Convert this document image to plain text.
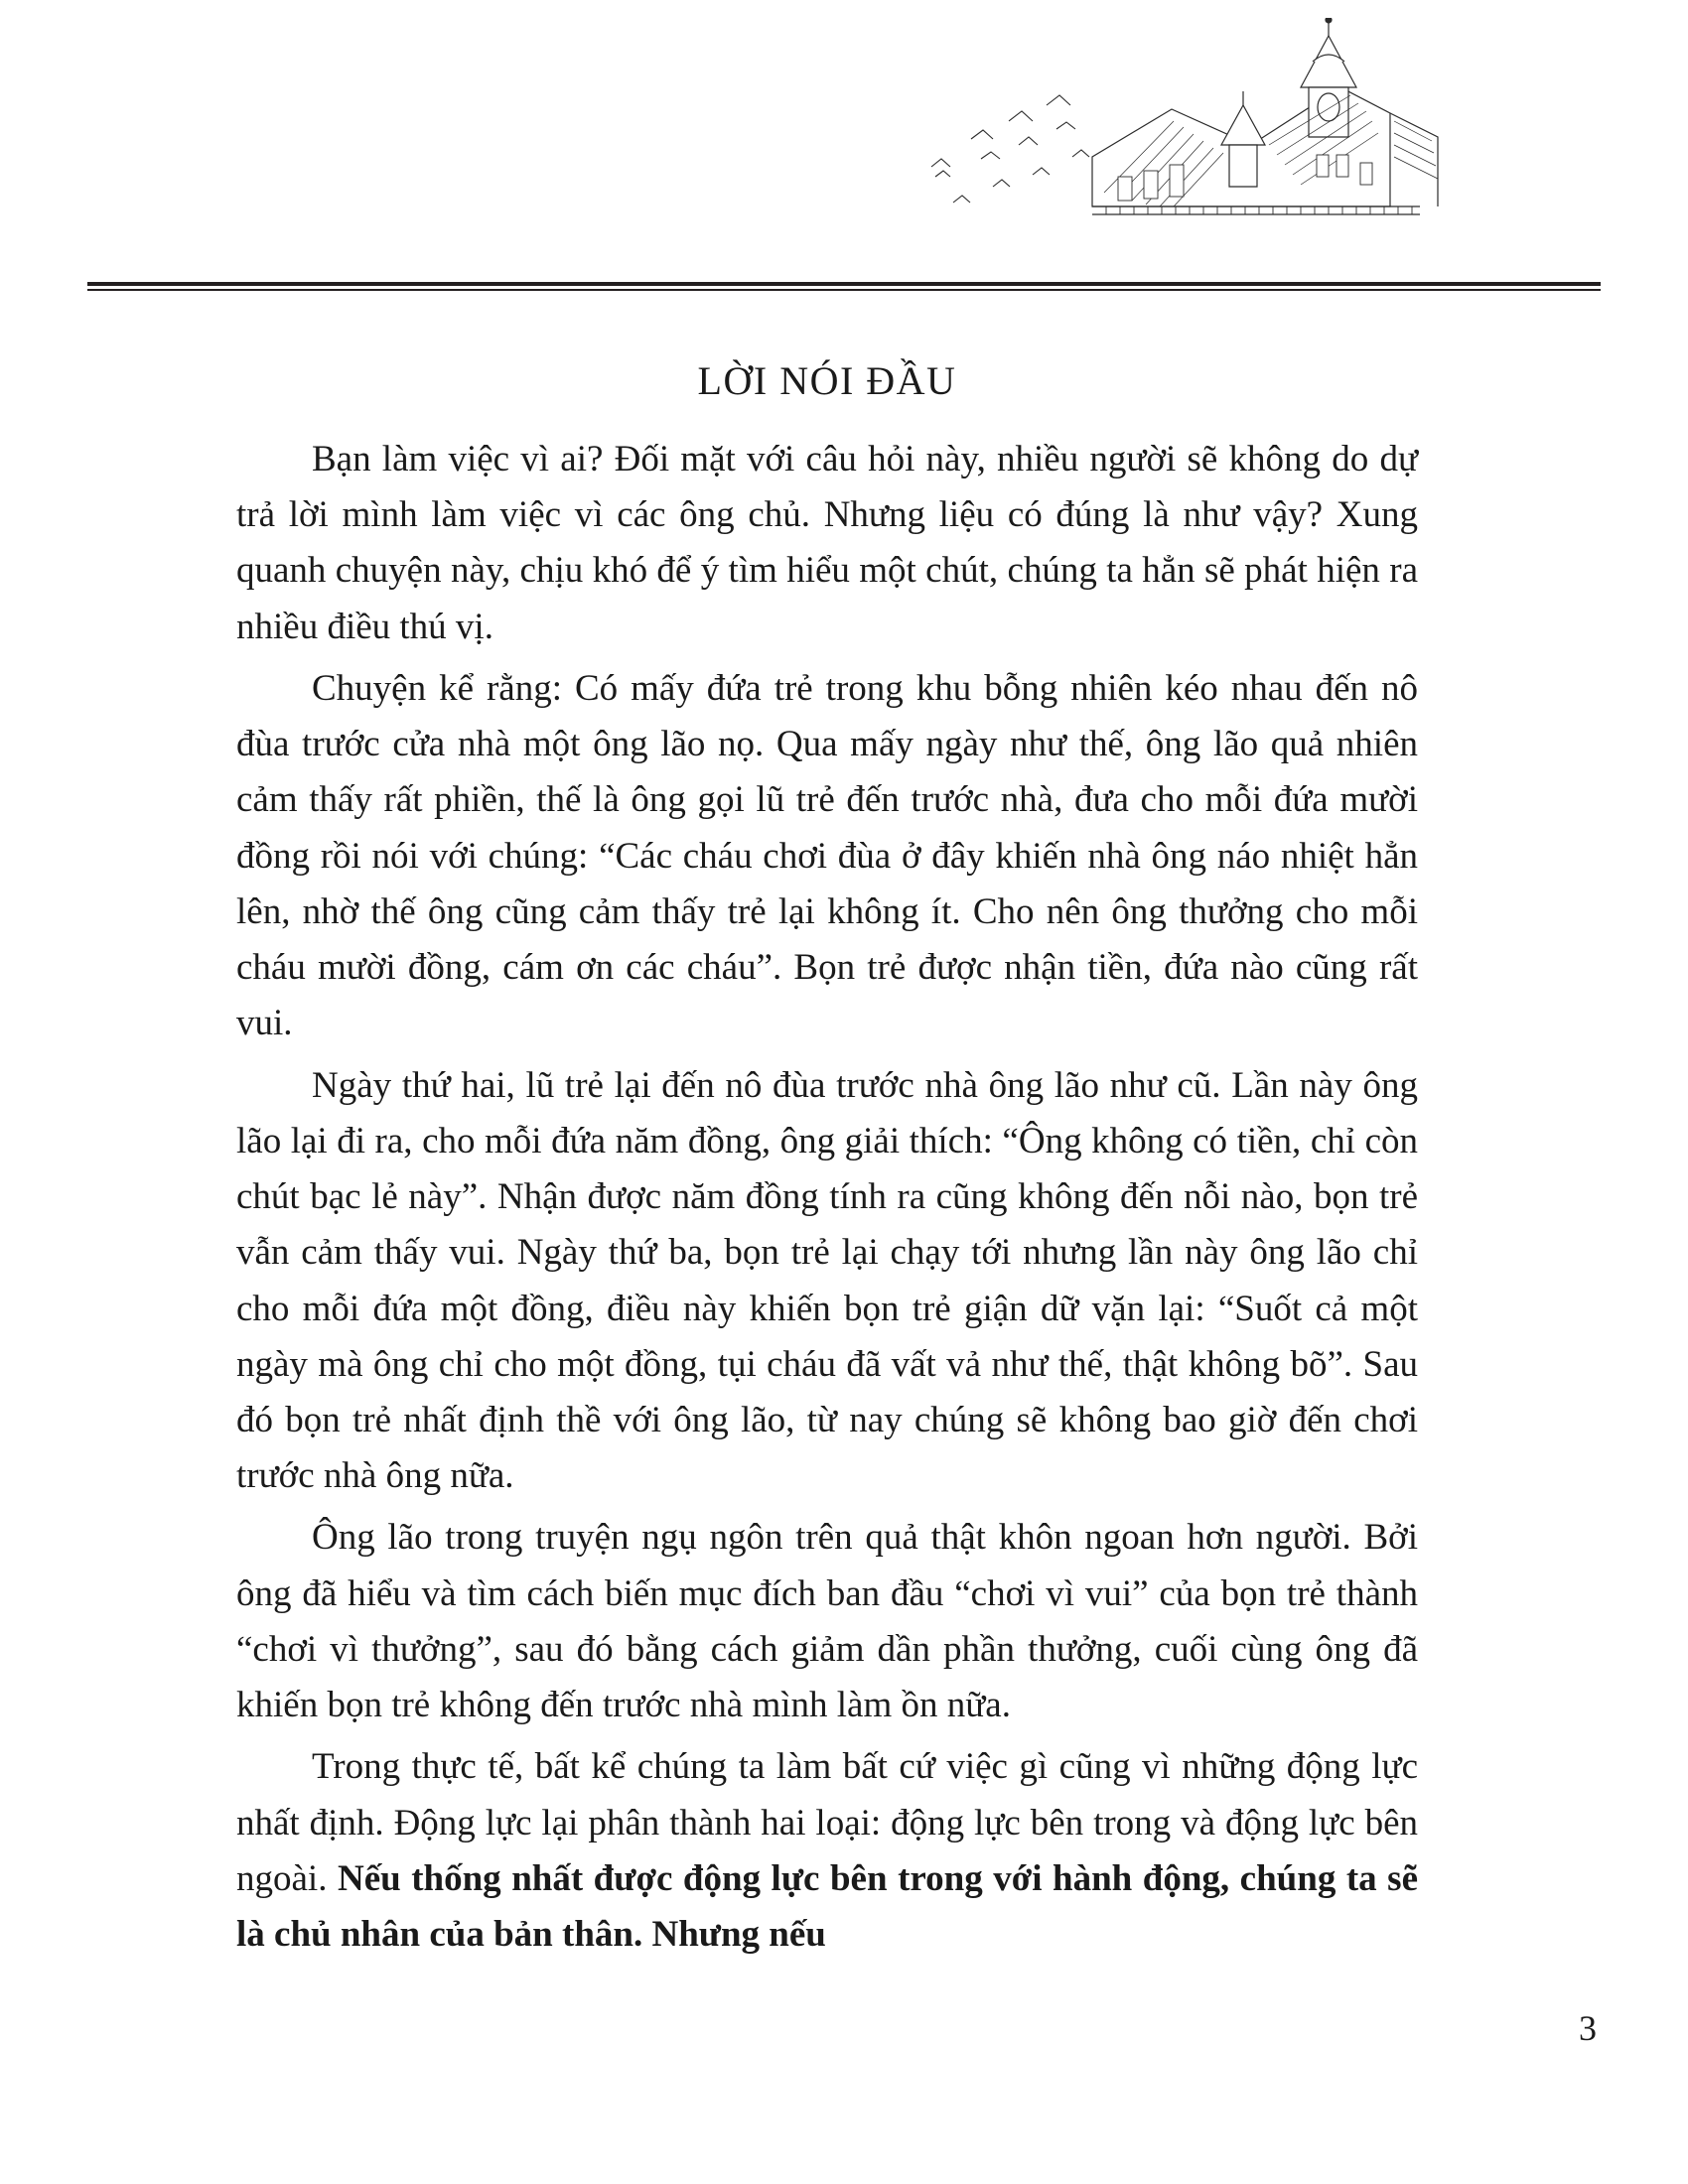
LỜI NÓI ĐẦU

Bạn làm việc vì ai? Đối mặt với câu hỏi này, nhiều người sẽ không do dự trả lời mình làm việc vì các ông chủ. Nhưng liệu có đúng là như vậy? Xung quanh chuyện này, chịu khó để ý tìm hiểu một chút, chúng ta hẳn sẽ phát hiện ra nhiều điều thú vị.

Chuyện kể rằng: Có mấy đứa trẻ trong khu bỗng nhiên kéo nhau đến nô đùa trước cửa nhà một ông lão nọ. Qua mấy ngày như thế, ông lão quả nhiên cảm thấy rất phiền, thế là ông gọi lũ trẻ đến trước nhà, đưa cho mỗi đứa mười đồng rồi nói với chúng: “Các cháu chơi đùa ở đây khiến nhà ông náo nhiệt hẳn lên, nhờ thế ông cũng cảm thấy trẻ lại không ít. Cho nên ông thưởng cho mỗi cháu mười đồng, cám ơn các cháu”. Bọn trẻ được nhận tiền, đứa nào cũng rất vui.

Ngày thứ hai, lũ trẻ lại đến nô đùa trước nhà ông lão như cũ. Lần này ông lão lại đi ra, cho mỗi đứa năm đồng, ông giải thích: “Ông không có tiền, chỉ còn chút bạc lẻ này”. Nhận được năm đồng tính ra cũng không đến nỗi nào, bọn trẻ vẫn cảm thấy vui. Ngày thứ ba, bọn trẻ lại chạy tới nhưng lần này ông lão chỉ cho mỗi đứa một đồng, điều này khiến bọn trẻ giận dữ vặn lại: “Suốt cả một ngày mà ông chỉ cho một đồng, tụi cháu đã vất vả như thế, thật không bõ”. Sau đó bọn trẻ nhất định thề với ông lão, từ nay chúng sẽ không bao giờ đến chơi trước nhà ông nữa.

Ông lão trong truyện ngụ ngôn trên quả thật khôn ngoan hơn người. Bởi ông đã hiểu và tìm cách biến mục đích ban đầu “chơi vì vui” của bọn trẻ thành “chơi vì thưởng”, sau đó bằng cách giảm dần phần thưởng, cuối cùng ông đã khiến bọn trẻ không đến trước nhà mình làm ồn nữa.

Trong thực tế, bất kể chúng ta làm bất cứ việc gì cũng vì những động lực nhất định. Động lực lại phân thành hai loại: động lực bên trong và động lực bên ngoài. Nếu thống nhất được động lực bên trong với hành động, chúng ta sẽ là chủ nhân của bản thân. Nhưng nếu

3
